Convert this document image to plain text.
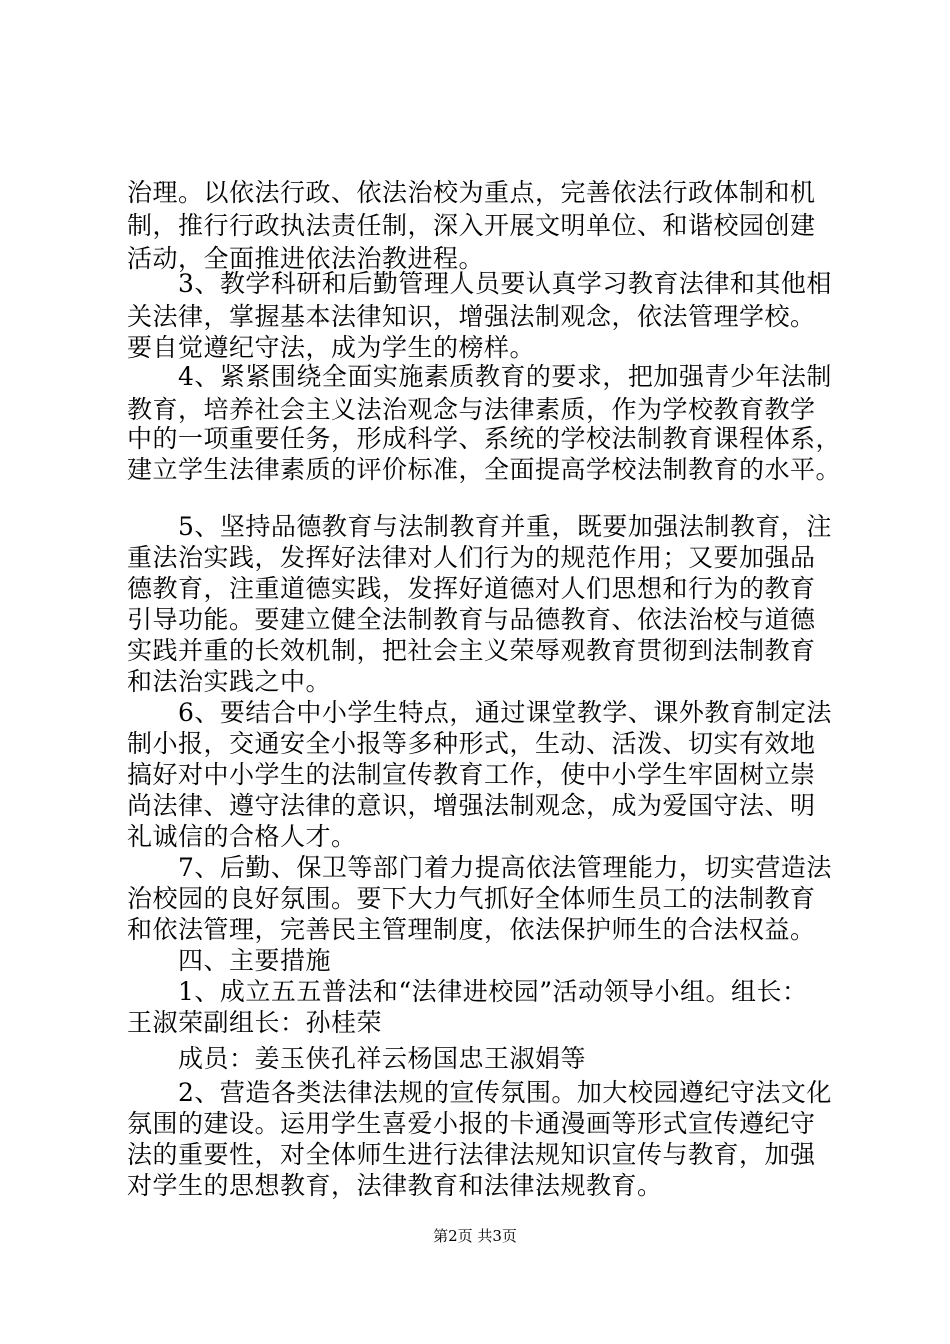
治理。以依法行政、依法治校为重点，完善依法行政体制和机
制，推行行政执法责任制，深入开展文明单位、和谐校园创建
活动，全面推进依法治教进程。
　　3、教学科研和后勤管理人员要认真学习教育法律和其他相
关法律，掌握基本法律知识，增强法制观念，依法管理学校。
要自觉遵纪守法，成为学生的榜样。
　　4、紧紧围绕全面实施素质教育的要求，把加强青少年法制
教育，培养社会主义法治观念与法律素质，作为学校教育教学
中的一项重要任务，形成科学、系统的学校法制教育课程体系，
建立学生法律素质的评价标准，全面提高学校法制教育的水平。
　　5、坚持品德教育与法制教育并重，既要加强法制教育，注
重法治实践，发挥好法律对人们行为的规范作用；又要加强品
德教育，注重道德实践，发挥好道德对人们思想和行为的教育
引导功能。要建立健全法制教育与品德教育、依法治校与道德
实践并重的长效机制，把社会主义荣辱观教育贯彻到法制教育
和法治实践之中。
　　6、要结合中小学生特点，通过课堂教学、课外教育制定法
制小报，交通安全小报等多种形式，生动、活泼、切实有效地
搞好对中小学生的法制宣传教育工作，使中小学生牢固树立崇
尚法律、遵守法律的意识，增强法制观念，成为爱国守法、明
礼诚信的合格人才。
　　7、后勤、保卫等部门着力提高依法管理能力，切实营造法
治校园的良好氛围。要下大力气抓好全体师生员工的法制教育
和依法管理，完善民主管理制度，依法保护师生的合法权益。
　　四、主要措施
　　1、成立五五普法和“法律进校园”活动领导小组。组长：
王淑荣副组长：孙桂荣
　　成员：姜玉侠孔祥云杨国忠王淑娟等
　　2、营造各类法律法规的宣传氛围。加大校园遵纪守法文化
氛围的建设。运用学生喜爱小报的卡通漫画等形式宣传遵纪守
法的重要性，对全体师生进行法律法规知识宣传与教育，加强
对学生的思想教育，法律教育和法律法规教育。
第2页 共3页
